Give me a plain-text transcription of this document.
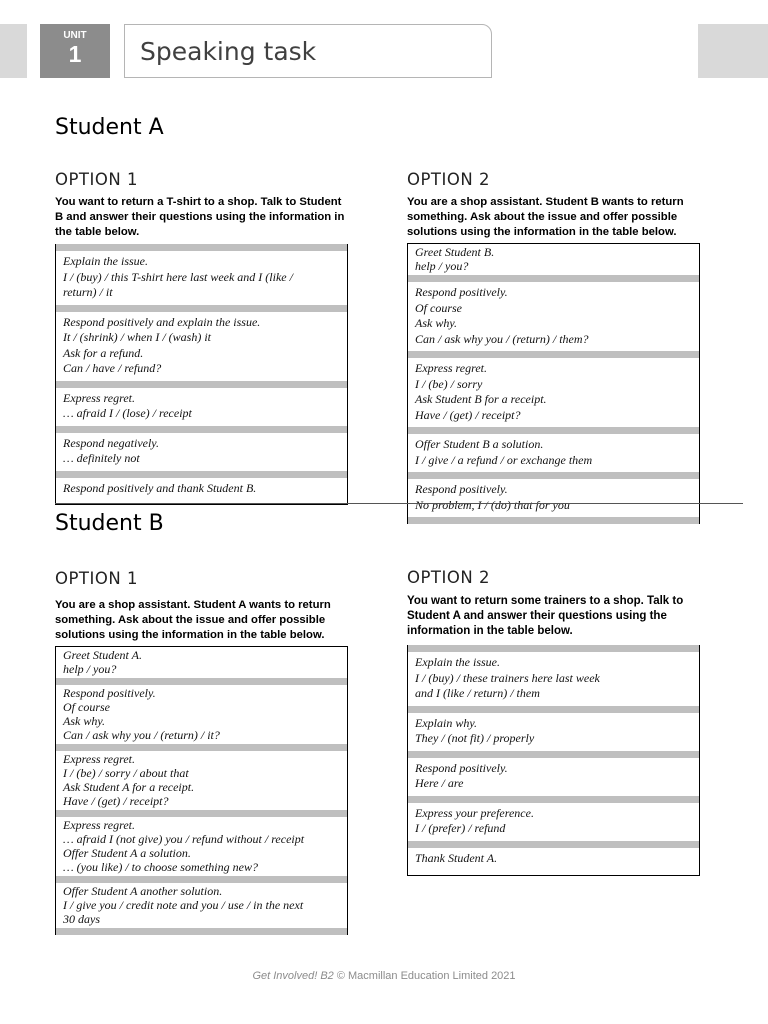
UNIT
1	Speaking task
Student A
OPTION 1
You want to return a T-shirt to a shop. Talk to Student
B and answer their questions using the information in
the table below.
Explain the issue.
I / (buy) / this T-shirt here last week and I (like /
return) / it
Respond positively and explain the issue.
It / (shrink) / when I / (wash) it
Ask for a refund.
Can / have / refund?
Express regret.
… afraid I / (lose) / receipt
Respond negatively.
… definitely not
Respond positively and thank Student B.
OPTION 2
You are a shop assistant. Student B wants to return
something. Ask about the issue and offer possible
solutions using the information in the table below.
Greet Student B.
help / you?
Respond positively.
Of course
Ask why.
Can / ask why you / (return) / them?
Express regret.
I / (be) / sorry
Ask Student B for a receipt.
Have / (get) / receipt?
Offer Student B a solution.
I / give / a refund / or exchange them
Respond positively.
No problem, I / (do) that for you
Student B
OPTION 1
You are a shop assistant. Student A wants to return
something. Ask about the issue and offer possible
solutions using the information in the table below.
Greet Student A.
help / you?
Respond positively.
Of course
Ask why.
Can / ask why you / (return) / it?
Express regret.
I / (be) / sorry / about that
Ask Student A for a receipt.
Have / (get) / receipt?
Express regret.
… afraid I (not give) you / refund without / receipt
Offer Student A a solution.
… (you like) / to choose something new?
Offer Student A another solution.
I / give you / credit note and you / use / in the next
30 days
OPTION 2
You want to return some trainers to a shop. Talk to
Student A and answer their questions using the
information in the table below.
Explain the issue.
I / (buy) / these trainers here last week
and I (like / return) / them
Explain why.
They / (not fit) / properly
Respond positively.
Here / are
Express your preference.
I / (prefer) / refund
Thank Student A.
Get Involved! B2 © Macmillan Education Limited 2021
